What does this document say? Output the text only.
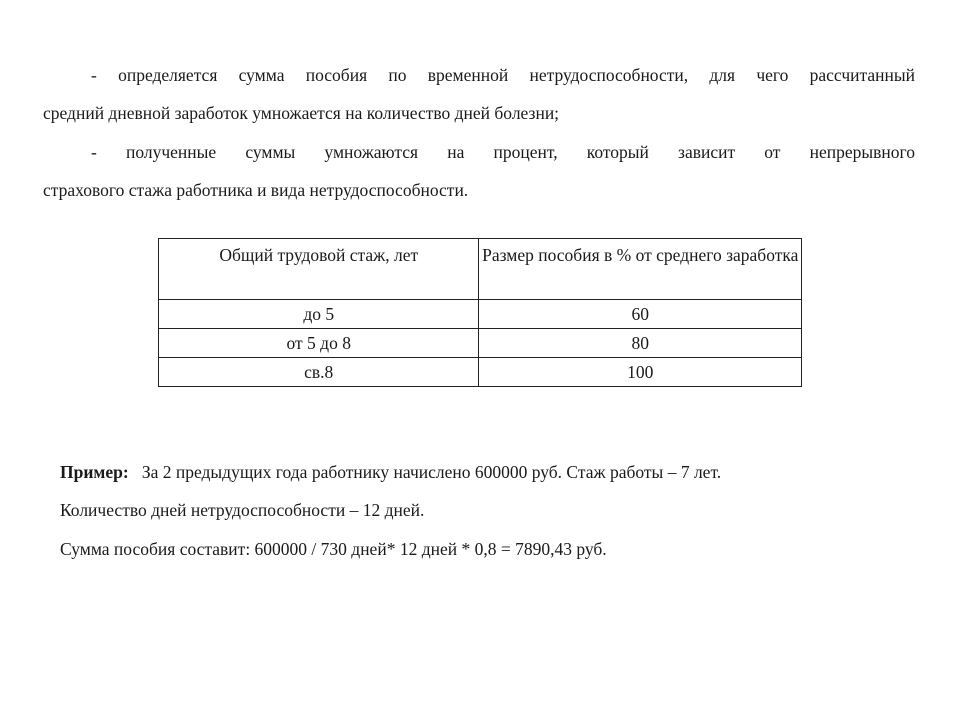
- определяется сумма пособия по временной нетрудоспособности, для чего рассчитанный
средний дневной заработок умножается на количество дней болезни;
- полученные суммы умножаются на процент, который зависит от непрерывного
страхового стажа работника и вида нетрудоспособности.
Общий трудовой стаж, лет	Размер пособия в % от среднего заработка
до 5	60
от 5 до 8	80
св.8	100

Пример: За 2 предыдущих года работнику начислено 600000 руб. Стаж работы – 7 лет.

Количество дней нетрудоспособности – 12 дней.

Сумма пособия составит: 600000 / 730 дней* 12 дней * 0,8 = 7890,43 руб.
